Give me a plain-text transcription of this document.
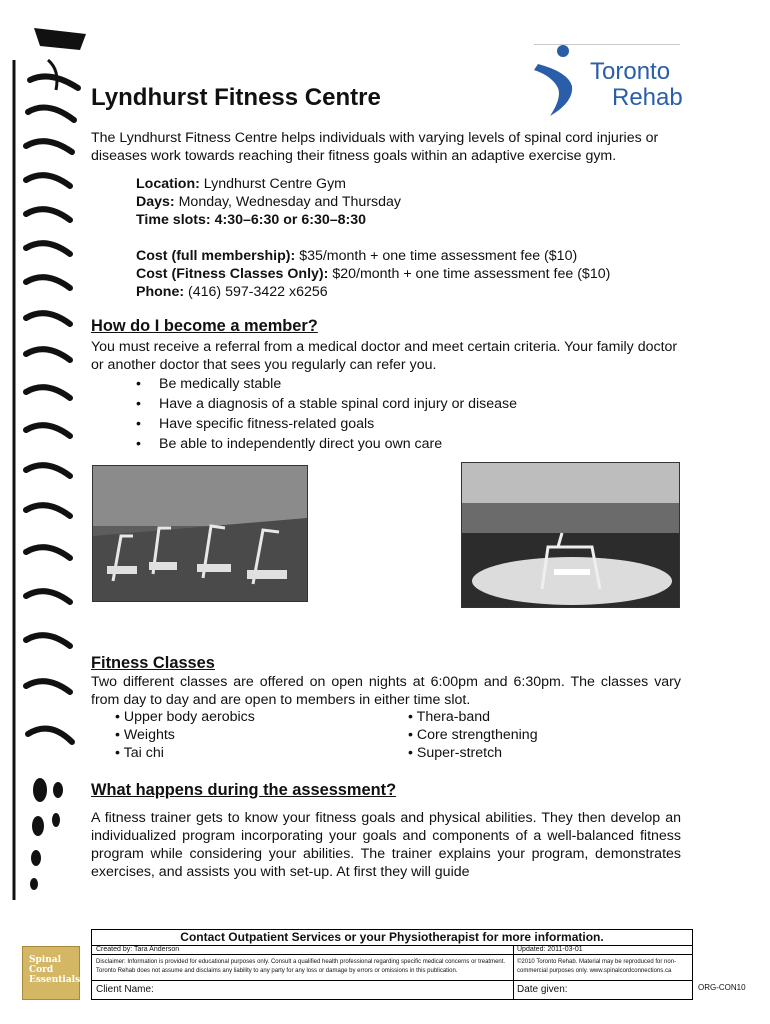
Toronto
Rehab
Lyndhurst Fitness Centre

The Lyndhurst Fitness Centre helps individuals with varying levels of spinal cord injuries or diseases work towards reaching their fitness goals within an adaptive exercise gym.

Location: Lyndhurst Centre Gym
Days: Monday, Wednesday and Thursday
Time slots: 4:30–6:30 or 6:30–8:30
Cost (full membership): $35/month + one time assessment fee ($10)
Cost (Fitness Classes Only): $20/month + one time assessment fee ($10)
Phone: (416) 597-3422 x6256
How do I become a member?

You must receive a referral from a medical doctor and meet certain criteria. Your family doctor or another doctor that sees you regularly can refer you.

• Be medically stable
• Have a diagnosis of a stable spinal cord injury or disease
• Have specific fitness-related goals
• Be able to independently direct you own care
Fitness Classes

Two different classes are offered on open nights at 6:00pm and 6:30pm. The classes vary from day to day and are open to members in either time slot.

• Upper body aerobics
• Weights
• Tai chi
• Thera-band
• Core strengthening
• Super-stretch
What happens during the assessment?

A fitness trainer gets to know your fitness goals and physical abilities. They then develop an individualized program incorporating your goals and components of a well-balanced fitness program while considering your abilities. The trainer explains your program, demonstrates exercises, and assists you with set-up. At first they will guide

Contact Outpatient Services or your Physiotherapist for more information.
Created by: Tara Anderson	Updated: 2011-03-01
Disclaimer: Information is provided for educational purposes only. Consult a qualified health professional regarding specific medical concerns or treatment. Toronto Rehab does not assume and disclaims any liability to any party for any loss or damage by errors or omissions in this publication.
©2010 Toronto Rehab. Material may be reproduced for non-commercial purposes only. www.spinalcordconnections.ca
Client Name:	Date given:
Spinal
Cord
Essentials
ORG-CON10
